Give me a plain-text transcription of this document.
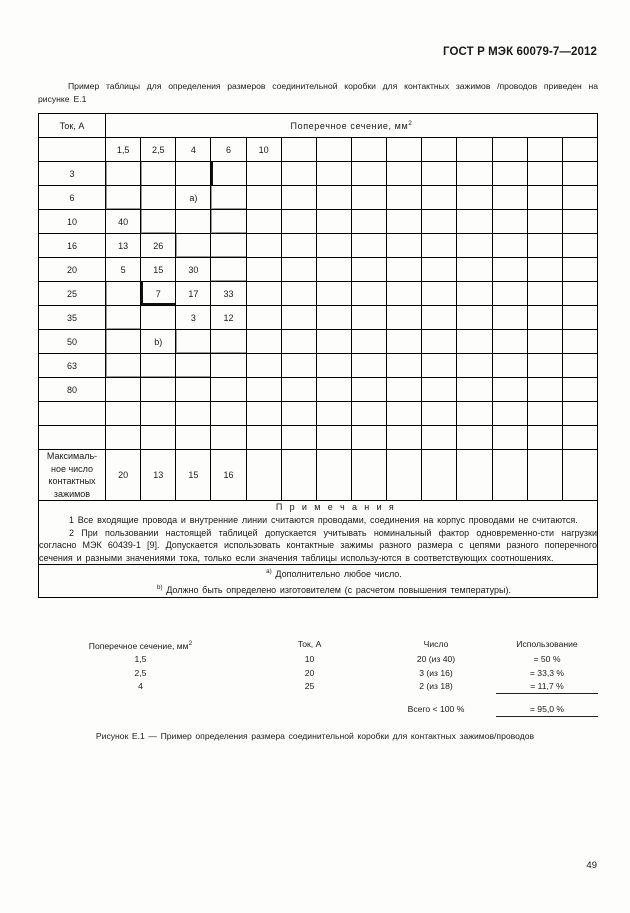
ГОСТ Р МЭК 60079-7—2012
Пример таблицы для определения размеров соединительной коробки для контактных зажимов /проводов приведен на рисунке Е.1
Ток, А	Поперечное сечение, $мм^2$
	1,5	2,5	4	6	10									
3														
6			a)											
10	40													
16	13	26												
20	5	15	30											
25		7	17	33										
35			3	12										
50		b)												
63														
80														

Максималь-
ное число
контактных
зажимов	20	13	15	16										

П р и м е ч а н и я
1 Все входящие провода и внутренние линии считаются проводами, соединения на корпус проводами не считаются.
2 При пользовании настоящей таблицей допускается учитывать номинальный фактор одновременно-сти нагрузки согласно МЭК 60439-1 [9]. Допускается использовать контактные зажимы разного размера с цепями разного поперечного сечения и разными значениями тока, только если значения таблицы использу-ются в соответствующих соотношениях.														

$^{a)}$ Дополнительно любое число.
$^{b)}$ Должно быть определено изготовителем (с расчетом повышения температуры).														
Поперечное сечение, $мм^2$	Ток, А	Число	Использование
1,5	10	20 (из 40)	= 50 %
2,5	20	3 (из 16)	= 33,3 %
4	25	2 (из 18)	= 11,7 %

		Всего < 100 %	= 95,0 %
Рисунок Е.1 — Пример определения размера соединительной коробки для контактных зажимов/проводов
49
